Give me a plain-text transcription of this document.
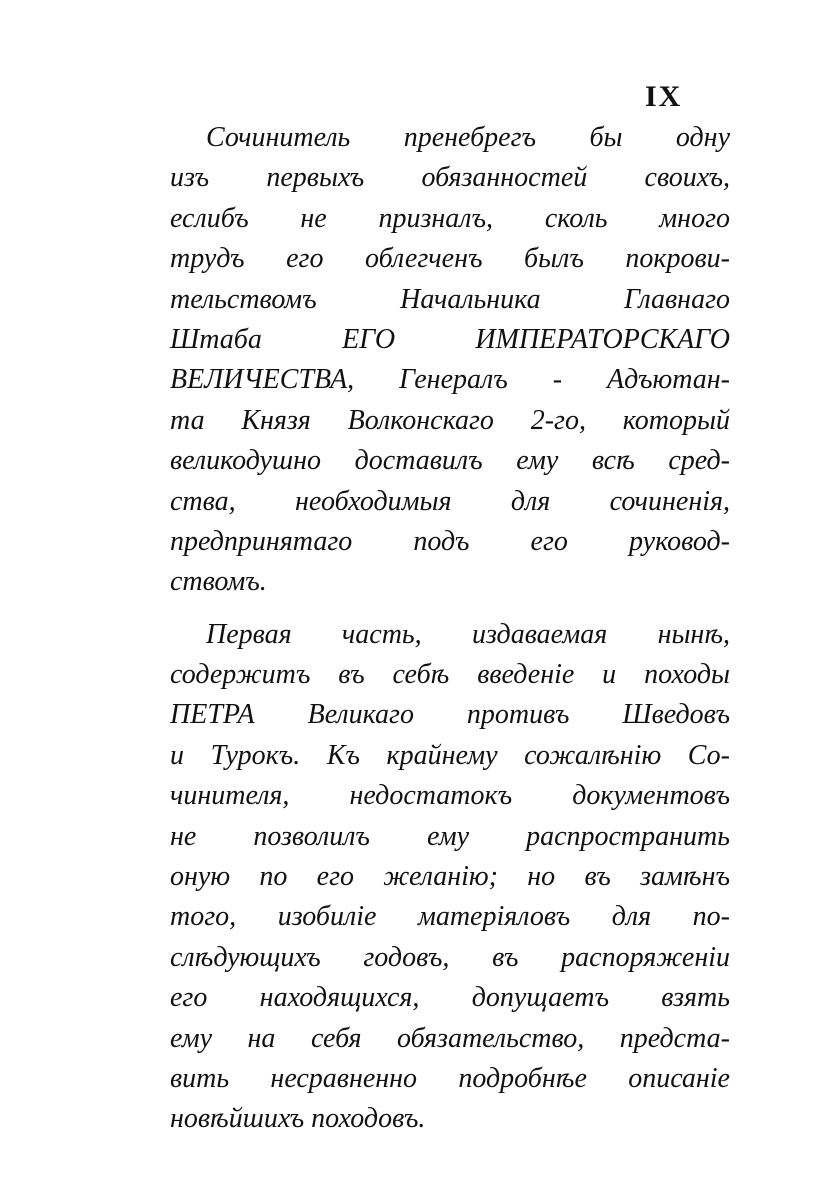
IX
Сочинитель пренебрегъ бы одну
изъ первыхъ обязанностей своихъ,
еслибъ не призналъ, сколь много
трудъ его облегченъ былъ покрови-
тельствомъ Начальника Главнаго
Штаба ЕГО ИМПЕРАТОРСКАГО
ВЕЛИЧЕСТВА, Генералъ - Адъютан-
та Князя Волконскаго 2-го, который
великодушно доставилъ ему всѣ сред-
ства, необходимыя для сочиненія,
предпринятаго подъ его руковод-
ствомъ.
Первая часть, издаваемая нынѣ,
содержитъ въ себѣ введеніе и походы
ПЕТРА Великаго противъ Шведовъ
и Турокъ. Къ крайнему сожалѣнію Со-
чинителя, недостатокъ документовъ
не позволилъ ему распространить
оную по его желанію; но въ замѣнъ
того, изобиліе матеріяловъ для по-
слѣдующихъ годовъ, въ распоряженіи
его находящихся, допущаетъ взять
ему на себя обязательство, предста-
вить несравненно подробнѣе описаніе
новѣйшихъ походовъ.
